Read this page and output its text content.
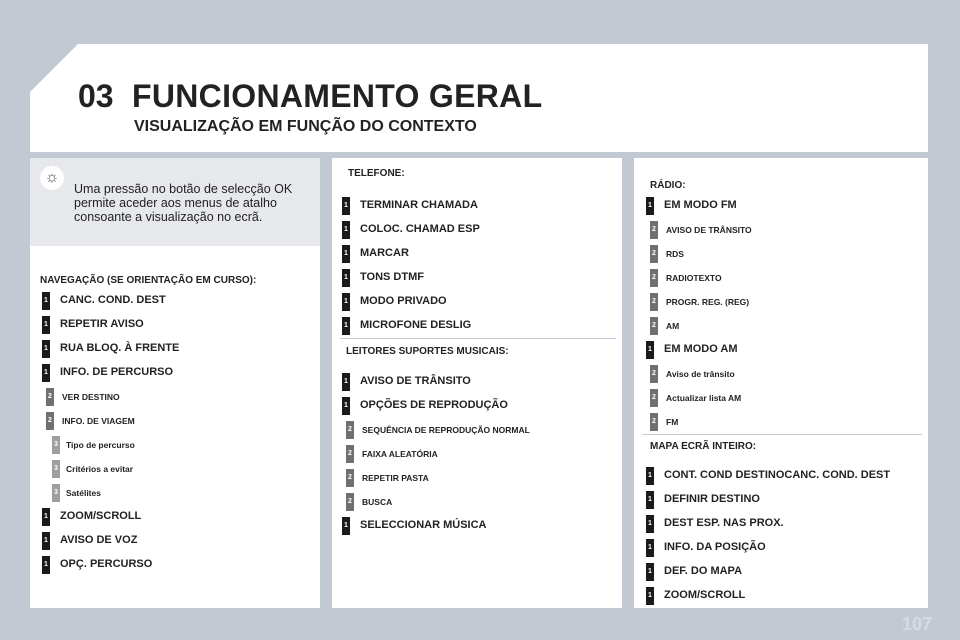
03 FUNCIONAMENTO GERAL
VISUALIZAÇÃO EM FUNÇÃO DO CONTEXTO
☼
Uma pressão no botão de selecção OK permite aceder aos menus de atalho consoante a visualização no ecrã.
NAVEGAÇÃO (SE ORIENTAÇÃO EM CURSO):
TELEFONE:
LEITORES SUPORTES MUSICAIS:
RÁDIO:
MAPA ECRÃ INTEIRO:
1 CANC. COND. DEST
1 REPETIR AVISO
1 RUA BLOQ. À FRENTE
1 INFO. DE PERCURSO
2 VER DESTINO
2 INFO. DE VIAGEM
3 Tipo de percurso
3 Critérios a evitar
3 Satélites
1 ZOOM/SCROLL
1 AVISO DE VOZ
1 OPÇ. PERCURSO
1 TERMINAR CHAMADA
1 COLOC. CHAMAD ESP
1 MARCAR
1 TONS DTMF
1 MODO PRIVADO
1 MICROFONE DESLIG
1 AVISO DE TRÂNSITO
1 OPÇÕES DE REPRODUÇÃO
2 SEQUÊNCIA DE REPRODUÇÃO NORMAL
2 FAIXA ALEATÓRIA
2 REPETIR PASTA
2 BUSCA
1 SELECCIONAR MÚSICA
1 EM MODO FM
2 AVISO DE TRÂNSITO
2 RDS
2 RADIOTEXTO
2 PROGR. REG. (REG)
2 AM
1 EM MODO AM
2 Aviso de trânsito
2 Actualizar lista AM
2 FM
1 CONT. COND DESTINOCANC. COND. DEST
1 DEFINIR DESTINO
1 DEST ESP. NAS PROX.
1 INFO. DA POSIÇÃO
1 DEF. DO MAPA
1 ZOOM/SCROLL
107
